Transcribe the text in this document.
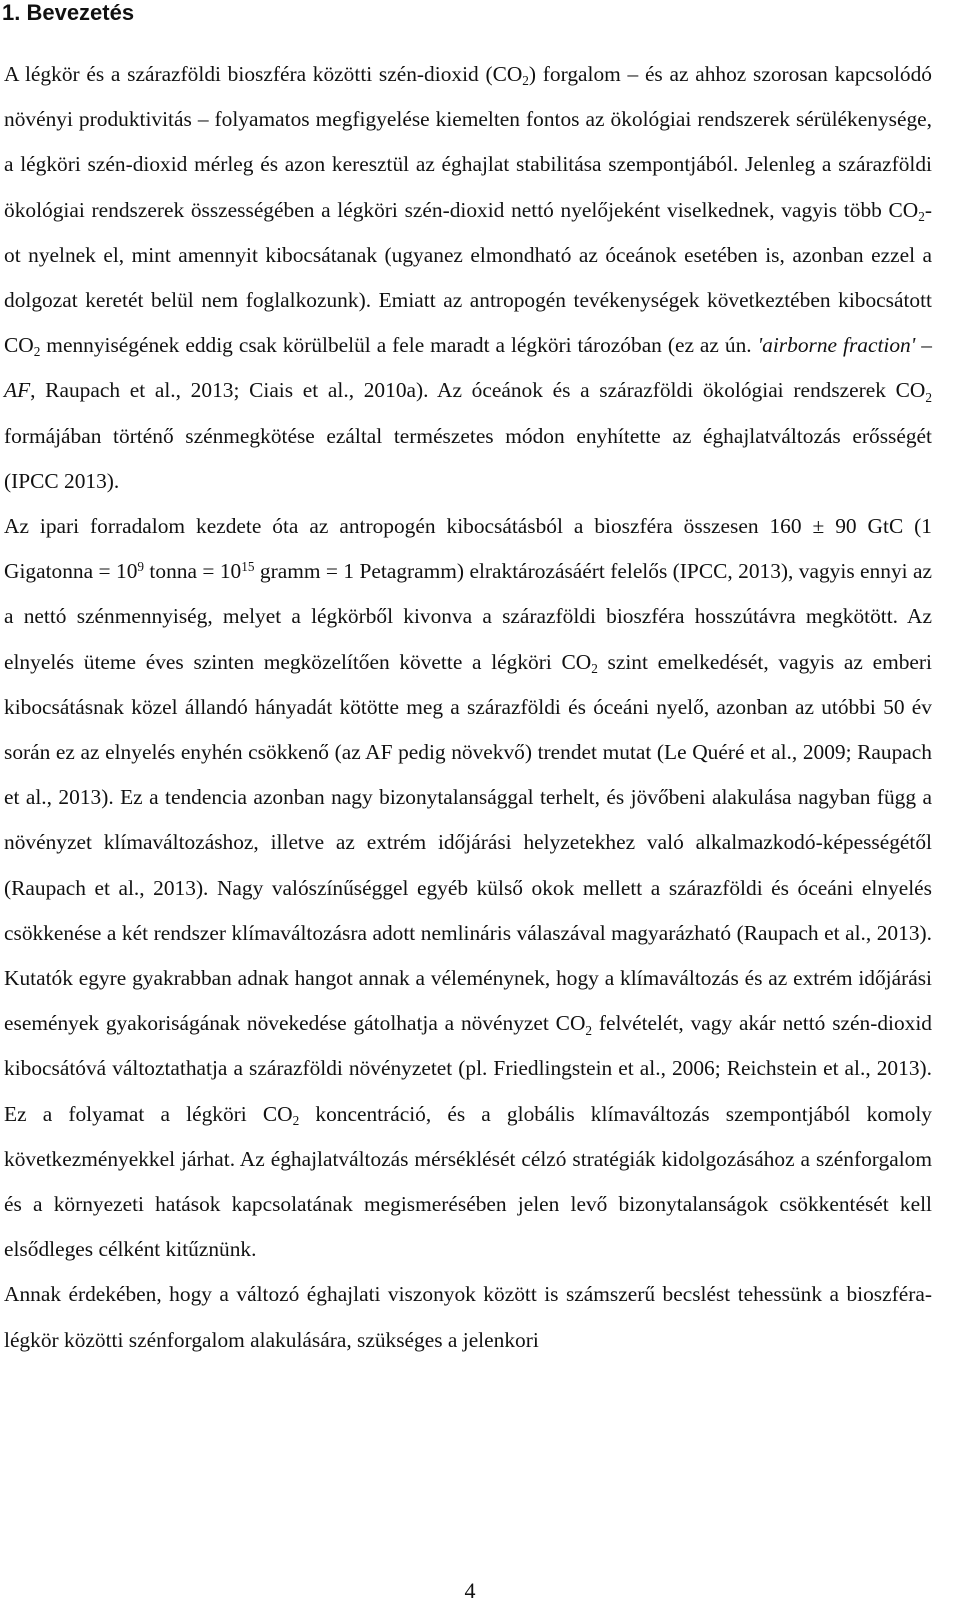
1. Bevezetés

A légkör és a szárazföldi bioszféra közötti szén-dioxid $(CO_2)$ forgalom – és az ahhoz szorosan kapcsolódó növényi produktivitás – folyamatos megfigyelése kiemelten fontos az ökológiai rendszerek sérülékenysége, a légköri szén-dioxid mérleg és azon keresztül az éghajlat stabilitása szempontjából. Jelenleg a szárazföldi ökológiai rendszerek összességében a légköri szén-dioxid nettó nyelőjeként viselkednek, vagyis több $CO_2-ot$ nyelnek el, mint amennyit kibocsátanak (ugyanez elmondható az óceánok esetében is, azonban ezzel a dolgozat keretét belül nem foglalkozunk). Emiatt az antropogén tevékenységek következtében kibocsátott $CO_2$ mennyiségének eddig csak körülbelül a fele maradt a légköri tározóban (ez az ún. 'airborne fraction' – AF, Raupach et al., 2013; Ciais et al., 2010a). Az óceánok és a szárazföldi ökológiai rendszerek $CO_2$ formájában történő szénmegkötése ezáltal természetes módon enyhítette az éghajlatváltozás erősségét (IPCC 2013).

Az ipari forradalom kezdete óta az antropogén kibocsátásból a bioszféra összesen 160 ± 90 GtC (1 Gigatonna = $10^9$ tonna = $10^{15}$ gramm = 1 Petagramm) elraktározásáért felelős (IPCC, 2013), vagyis ennyi az a nettó szénmennyiség, melyet a légkörből kivonva a szárazföldi bioszféra hosszútávra megkötött. Az elnyelés üteme éves szinten megközelítően követte a légköri $CO_2$ szint emelkedését, vagyis az emberi kibocsátásnak közel állandó hányadát kötötte meg a szárazföldi és óceáni nyelő, azonban az utóbbi 50 év során ez az elnyelés enyhén csökkenő (az AF pedig növekvő) trendet mutat (Le Quéré et al., 2009; Raupach et al., 2013). Ez a tendencia azonban nagy bizonytalansággal terhelt, és jövőbeni alakulása nagyban függ a növényzet klímaváltozáshoz, illetve az extrém időjárási helyzetekhez való alkalmazkodó-képességétől (Raupach et al., 2013). Nagy valószínűséggel egyéb külső okok mellett a szárazföldi és óceáni elnyelés csökkenése a két rendszer klímaváltozásra adott nemlináris válaszával magyarázható (Raupach et al., 2013). Kutatók egyre gyakrabban adnak hangot annak a véleménynek, hogy a klímaváltozás és az extrém időjárási események gyakoriságának növekedése gátolhatja a növényzet $CO_2$ felvételét, vagy akár nettó szén-dioxid kibocsátóvá változtathatja a szárazföldi növényzetet (pl. Friedlingstein et al., 2006; Reichstein et al., 2013). Ez a folyamat a légköri $CO_2$ koncentráció, és a globális klímaváltozás szempontjából komoly következményekkel járhat. Az éghajlatváltozás mérséklését célzó stratégiák kidolgozásához a szénforgalom és a környezeti hatások kapcsolatának megismerésében jelen levő bizonytalanságok csökkentését kell elsődleges célként kitűznünk.

Annak érdekében, hogy a változó éghajlati viszonyok között is számszerű becslést tehessünk a bioszféra-légkör közötti szénforgalom alakulására, szükséges a jelenkori

4
